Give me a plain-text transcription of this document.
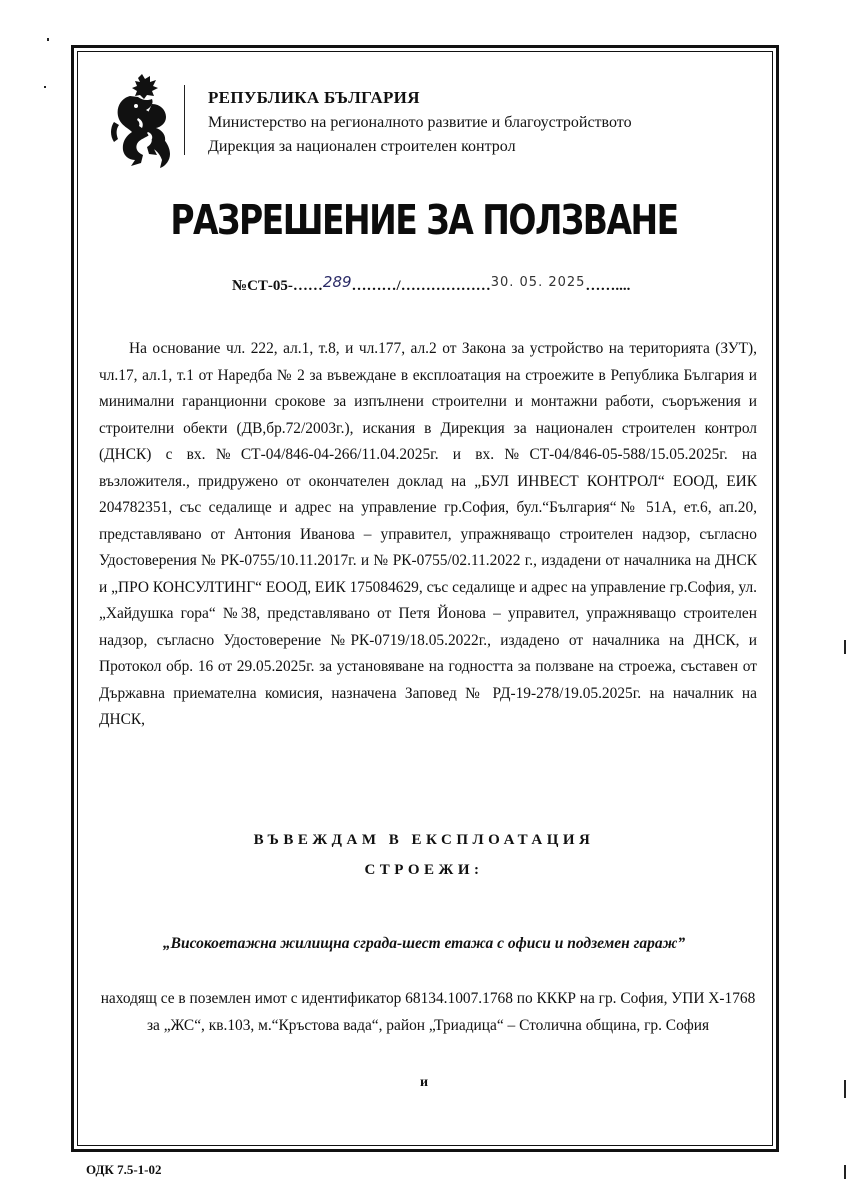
РЕПУБЛИКА БЪЛГАРИЯ
Министерство на регионалното развитие и благоустройството
Дирекция за национален строителен контрол
РАЗРЕШЕНИЕ ЗА ПОЛЗВАНЕ
№СТ-05-……289………/………………30. 05. 2025……....
На основание чл. 222, ал.1, т.8, и чл.177, ал.2 от Закона за устройство на територията (ЗУТ), чл.17, ал.1, т.1 от Наредба № 2 за въвеждане в експлоатация на строежите в Република България и минимални гаранционни срокове за изпълнени строителни и монтажни работи, съоръжения и строителни обекти (ДВ,бр.72/2003г.), искания в Дирекция за национален строителен контрол (ДНСК) с вх.№СТ-04/846-04-266/11.04.2025г. и вх.№СТ-04/846-05-588/15.05.2025г. на възложителя., придружено от окончателен доклад на „БУЛ ИНВЕСТ КОНТРОЛ“ ЕООД, ЕИК 204782351, със седалище и адрес на управление гр.София, бул.“България“№ 51А, ет.6, ап.20, представлявано от Антония Иванова – управител, упражняващо строителен надзор, съгласно Удостоверения № РК-0755/10.11.2017г. и № РК-0755/02.11.2022 г., издадени от началника на ДНСК и „ПРО КОНСУЛТИНГ“ ЕООД, ЕИК 175084629, със седалище и адрес на управление гр.София, ул. „Хайдушка гора“ №38, представлявано от Петя Йонова – управител, упражняващо строителен надзор, съгласно Удостоверение №РК-0719/18.05.2022г., издадено от началника на ДНСК, и Протокол обр. 16 от 29.05.2025г. за установяване на годността за ползване на строежа, съставен от Държавна приемателна комисия, назначена Заповед № РД-19-278/19.05.2025г. на началник на ДНСК,
ВЪВЕЖДАМ В ЕКСПЛОАТАЦИЯ
СТРОЕЖИ:
„Високоетажна жилищна сграда-шест етажа с офиси и подземен гараж”
находящ се в поземлен имот с идентификатор 68134.1007.1768 по КККР на гр. София, УПИ Х-1768 за „ЖС“, кв.103, м.“Кръстова вада“, район „Триадица“ – Столична община, гр. София
и
ОДК 7.5-1-02
